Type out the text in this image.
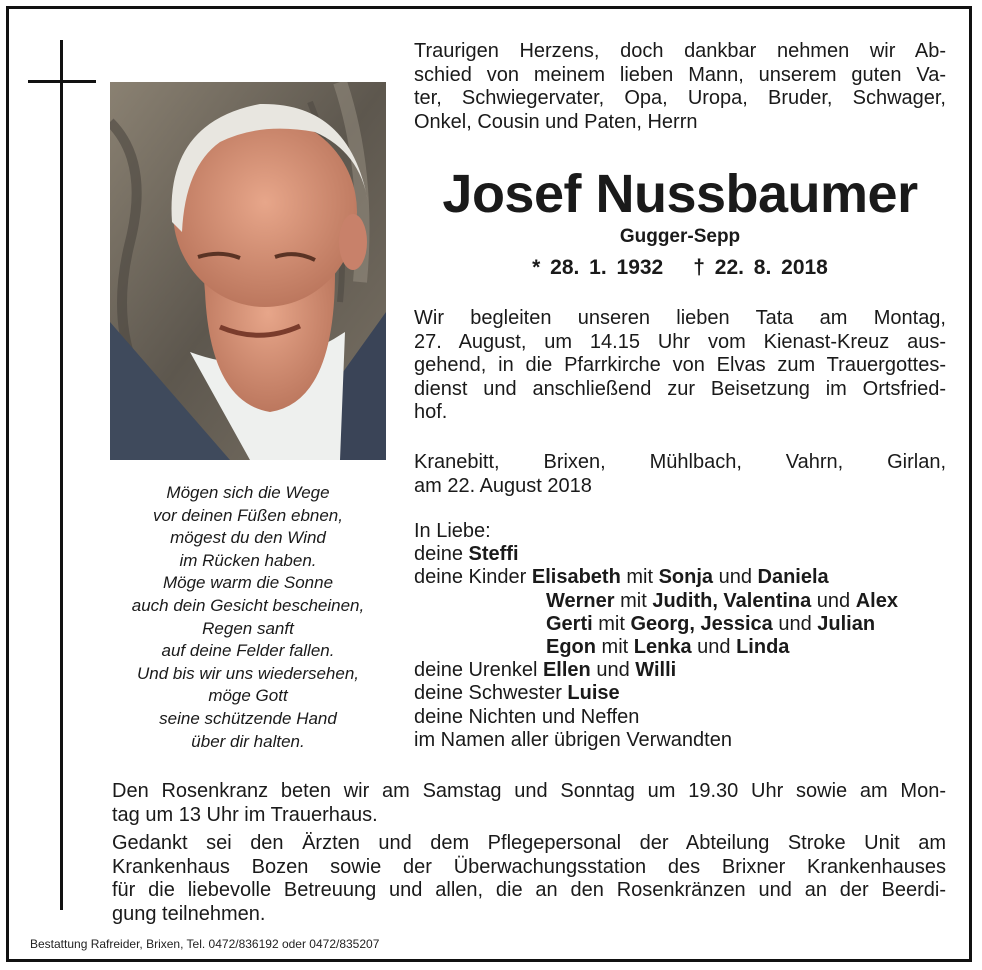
Mögen sich die Wege
vor deinen Füßen ebnen,
mögest du den Wind
im Rücken haben.
Möge warm die Sonne
auch dein Gesicht bescheinen,
Regen sanft
auf deine Felder fallen.
Und bis wir uns wiedersehen,
möge Gott
seine schützende Hand
über dir halten.
Traurigen Herzens, doch dankbar nehmen wir Ab-
schied von meinem lieben Mann, unserem guten Va-
ter, Schwiegervater, Opa, Uropa, Bruder, Schwager,
Onkel, Cousin und Paten, Herrn
Josef Nussbaumer
Gugger-Sepp
* 28. 1. 1932 † 22. 8. 2018
Wir begleiten unseren lieben Tata am Montag,
27. August, um 14.15 Uhr vom Kienast-Kreuz aus-
gehend, in die Pfarrkirche von Elvas zum Trauergottes-
dienst und anschließend zur Beisetzung im Ortsfried-
hof.
Kranebitt, Brixen, Mühlbach, Vahrn, Girlan,
am 22. August 2018
In Liebe:
deine Steffi
deine Kinder Elisabeth mit Sonja und Daniela
Werner mit Judith, Valentina und Alex
Gerti mit Georg, Jessica und Julian
Egon mit Lenka und Linda
deine Urenkel Ellen und Willi
deine Schwester Luise
deine Nichten und Neffen
im Namen aller übrigen Verwandten
Den Rosenkranz beten wir am Samstag und Sonntag um 19.30 Uhr sowie am Mon-
tag um 13 Uhr im Trauerhaus.
Gedankt sei den Ärzten und dem Pflegepersonal der Abteilung Stroke Unit am
Krankenhaus Bozen sowie der Überwachungsstation des Brixner Krankenhauses
für die liebevolle Betreuung und allen, die an den Rosenkränzen und an der Beerdi-
gung teilnehmen.
Bestattung Rafreider, Brixen, Tel. 0472/836192 oder 0472/835207
